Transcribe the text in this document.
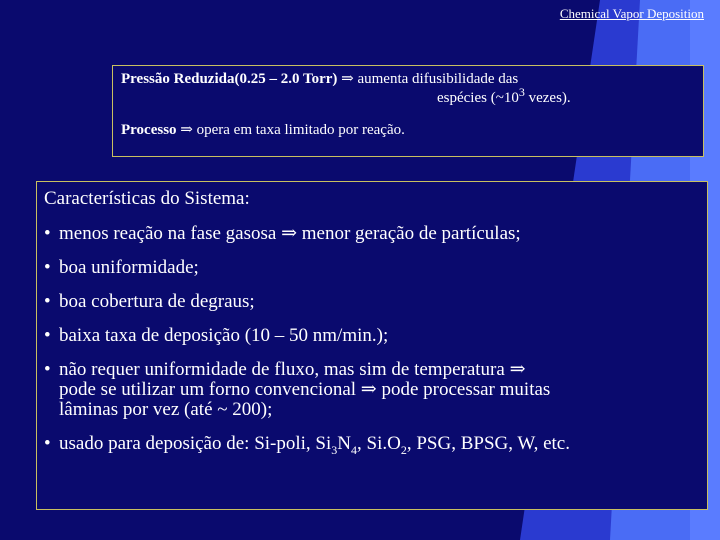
Chemical Vapor Deposition
Pressão Reduzida(0.25 – 2.0 Torr) ⇒ aumenta difusibilidade das
espécies ($\sim 10^3$ vezes).
Processo ⇒ opera em taxa limitado por reação.
Características do Sistema:
• menos reação na fase gasosa ⇒ menor geração de partículas;
• boa uniformidade;
• boa cobertura de degraus;
• baixa taxa de deposição (10 – 50 nm/min.);
• não requer uniformidade de fluxo, mas sim de temperatura ⇒
pode se utilizar um forno convencional ⇒ pode processar muitas
lâminas por vez (até ~ 200);
• usado para deposição de: Si-poli, $Si_3N_4$, $Si.O_2$, PSG, BPSG, W, etc.
